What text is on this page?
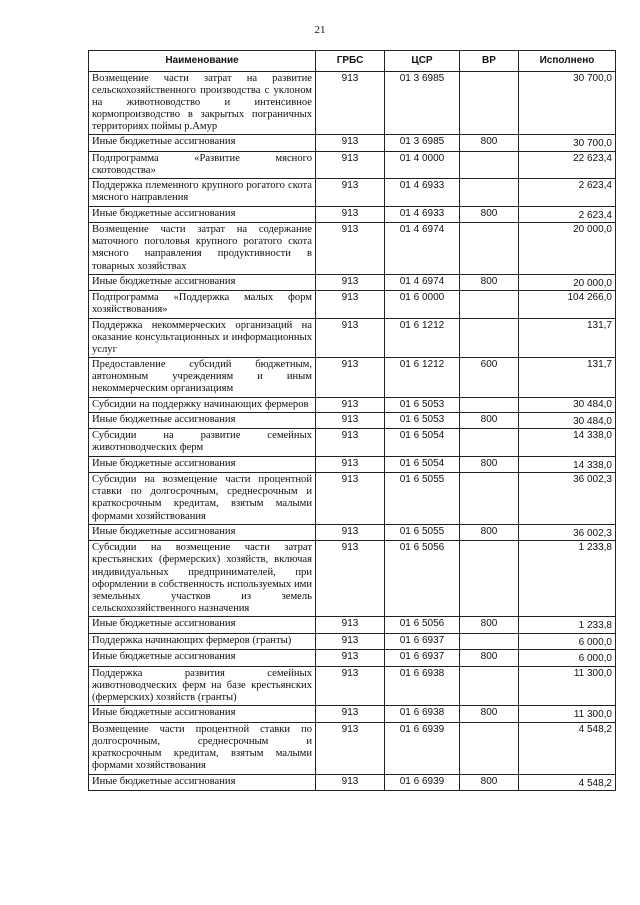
21
Наименование	ГРБС	ЦСР	ВР	Исполнено
Возмещение части затрат на развитие сельскохозяйственного производства с уклоном на животноводство и интенсивное кормопроизводство в закрытых пограничных территориях поймы р.Амур	913	01 3 6985		30 700,0
Иные бюджетные ассигнования	913	01 3 6985	800	30 700,0
Подпрограмма «Развитие мясного скотоводства»	913	01 4 0000		22 623,4
Поддержка племенного крупного рогатого скота мясного направления	913	01 4 6933		2 623,4
Иные бюджетные ассигнования	913	01 4 6933	800	2 623,4
Возмещение части затрат на содержание маточного поголовья крупного рогатого скота мясного направления продуктивности в товарных хозяйствах	913	01 4 6974		20 000,0
Иные бюджетные ассигнования	913	01 4 6974	800	20 000,0
Подпрограмма «Поддержка малых форм хозяйствования»	913	01 6 0000		104 266,0
Поддержка некоммерческих организаций на оказание консультационных и информационных услуг	913	01 6 1212		131,7
Предоставление субсидий бюджетным, автономным учреждениям и иным некоммерческим организациям	913	01 6 1212	600	131,7
Субсидии на поддержку начинающих фермеров	913	01 6 5053		30 484,0
Иные бюджетные ассигнования	913	01 6 5053	800	30 484,0
Субсидии на развитие семейных животноводческих ферм	913	01 6 5054		14 338,0
Иные бюджетные ассигнования	913	01 6 5054	800	14 338,0
Субсидии на возмещение части процентной ставки по долгосрочным, среднесрочным и краткосрочным кредитам, взятым малыми формами хозяйствования	913	01 6 5055		36 002,3
Иные бюджетные ассигнования	913	01 6 5055	800	36 002,3
Субсидии на возмещение части затрат крестьянских (фермерских) хозяйств, включая индивидуальных предпринимателей, при оформлении в собственность используемых ими земельных участков из земель сельскохозяйственного назначения	913	01 6 5056		1 233,8
Иные бюджетные ассигнования	913	01 6 5056	800	1 233,8
Поддержка начинающих фермеров (гранты)	913	01 6 6937		6 000,0
Иные бюджетные ассигнования	913	01 6 6937	800	6 000,0
Поддержка развития семейных животноводческих ферм на базе крестьянских (фермерских) хозяйств (гранты)	913	01 6 6938		11 300,0
Иные бюджетные ассигнования	913	01 6 6938	800	11 300,0
Возмещение части процентной ставки по долгосрочным, среднесрочным и краткосрочным кредитам, взятым малыми формами хозяйствования	913	01 6 6939		4 548,2
Иные бюджетные ассигнования	913	01 6 6939	800	4 548,2
